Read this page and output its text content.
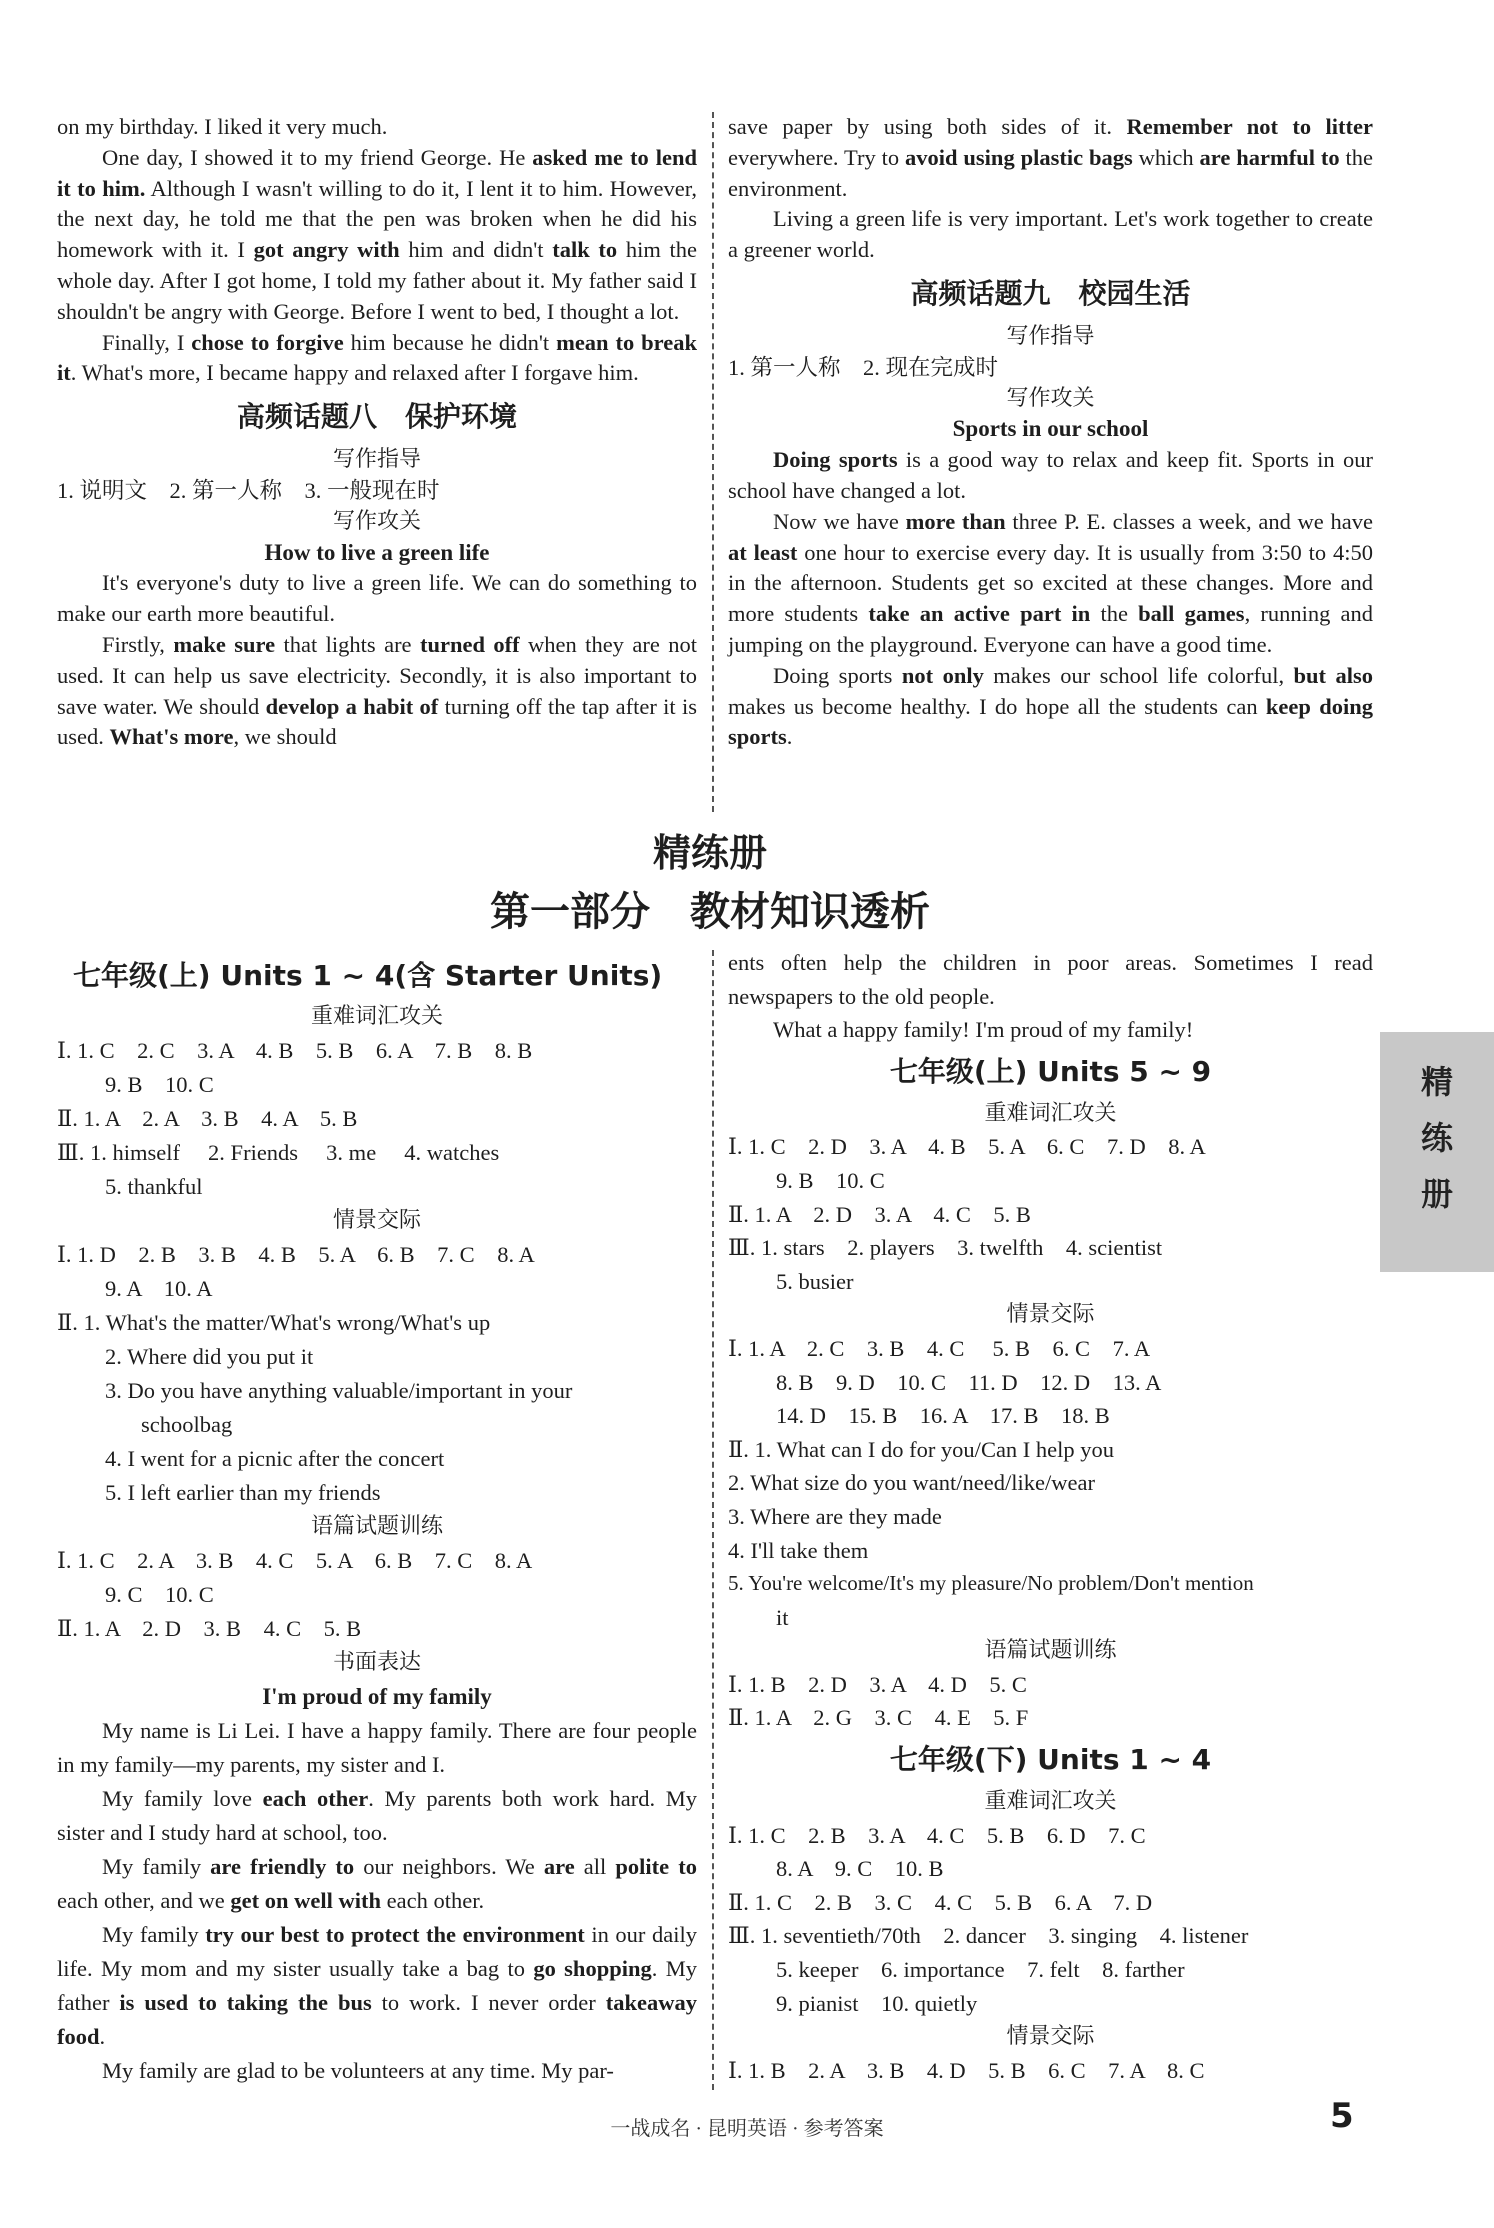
on my birthday. I liked it very much.

One day, I showed it to my friend George. He asked me to lend it to him. Although I wasn't willing to do it, I lent it to him. However, the next day, he told me that the pen was broken when he did his homework with it. I got angry with him and didn't talk to him the whole day. After I got home, I told my father about it. My father said I shouldn't be angry with George. Before I went to bed, I thought a lot.

Finally, I chose to forgive him because he didn't mean to break it. What's more, I became happy and relaxed after I forgave him.

高频话题八　保护环境
写作指导
1. 说明文　2. 第一人称　3. 一般现在时
写作攻关
How to live a green life

It's everyone's duty to live a green life. We can do something to make our earth more beautiful.

Firstly, make sure that lights are turned off when they are not used. It can help us save electricity. Secondly, it is also important to save water. We should develop a habit of turning off the tap after it is used. What's more, we should

save paper by using both sides of it. Remember not to litter everywhere. Try to avoid using plastic bags which are harmful to the environment.

Living a green life is very important. Let's work together to create a greener world.

高频话题九　校园生活
写作指导
1. 第一人称　2. 现在完成时
写作攻关
Sports in our school

Doing sports is a good way to relax and keep fit. Sports in our school have changed a lot.

Now we have more than three P. E. classes a week, and we have at least one hour to exercise every day. It is usually from 3:50 to 4:50 in the afternoon. Students get so excited at these changes. More and more students take an active part in the ball games, running and jumping on the playground. Everyone can have a good time.

Doing sports not only makes our school life colorful, but also makes us become healthy. I do hope all the students can keep doing sports.

精练册
第一部分　教材知识透析
七年级(上) Units 1 ~ 4(含 Starter Units)
重难词汇攻关
Ⅰ. 1. C　2. C　3. A　4. B　5. B　6. A　7. B　8. B
9. B　10. C
Ⅱ. 1. A　2. A　3. B　4. A　5. B
Ⅲ. 1. himself　 2. Friends　 3. me　 4. watches
5. thankful
情景交际
Ⅰ. 1. D　2. B　3. B　4. B　5. A　6. B　7. C　8. A
9. A　10. A
Ⅱ. 1. What's the matter/What's wrong/What's up
2. Where did you put it
3. Do you have anything valuable/important in your
schoolbag
4. I went for a picnic after the concert
5. I left earlier than my friends
语篇试题训练
Ⅰ. 1. C　2. A　3. B　4. C　5. A　6. B　7. C　8. A
9. C　10. C
Ⅱ. 1. A　2. D　3. B　4. C　5. B
书面表达
I'm proud of my family

My name is Li Lei. I have a happy family. There are four people in my family—my parents, my sister and I.

My family love each other. My parents both work hard. My sister and I study hard at school, too.

My family are friendly to our neighbors. We are all polite to each other, and we get on well with each other.

My family try our best to protect the environment in our daily life. My mom and my sister usually take a bag to go shopping. My father is used to taking the bus to work. I never order takeaway food.

My family are glad to be volunteers at any time. My par-

ents often help the children in poor areas. Sometimes I read newspapers to the old people.

What a happy family! I'm proud of my family!

七年级(上) Units 5 ~ 9
重难词汇攻关
Ⅰ. 1. C　2. D　3. A　4. B　5. A　6. C　7. D　8. A
9. B　10. C
Ⅱ. 1. A　2. D　3. A　4. C　5. B
Ⅲ. 1. stars　2. players　3. twelfth　4. scientist
5. busier
情景交际
Ⅰ. 1. A　2. C　3. B　4. C　 5. B　6. C　7. A
8. B　9. D　10. C　11. D　12. D　13. A
14. D　15. B　16. A　17. B　18. B
Ⅱ. 1. What can I do for you/Can I help you
2. What size do you want/need/like/wear
3. Where are they made
4. I'll take them
5. You're welcome/It's my pleasure/No problem/Don't mention
it
语篇试题训练
Ⅰ. 1. B　2. D　3. A　4. D　5. C
Ⅱ. 1. A　2. G　3. C　4. E　5. F
七年级(下) Units 1 ~ 4
重难词汇攻关
Ⅰ. 1. C　2. B　3. A　4. C　5. B　6. D　7. C
8. A　9. C　10. B
Ⅱ. 1. C　2. B　3. C　4. C　5. B　6. A　7. D
Ⅲ. 1. seventieth/70th　2. dancer　3. singing　4. listener
5. keeper　6. importance　7. felt　8. farther
9. pianist　10. quietly
情景交际
Ⅰ. 1. B　2. A　3. B　4. D　5. B　6. C　7. A　8. C
精
练
册
一战成名 · 昆明英语 · 参考答案	5
